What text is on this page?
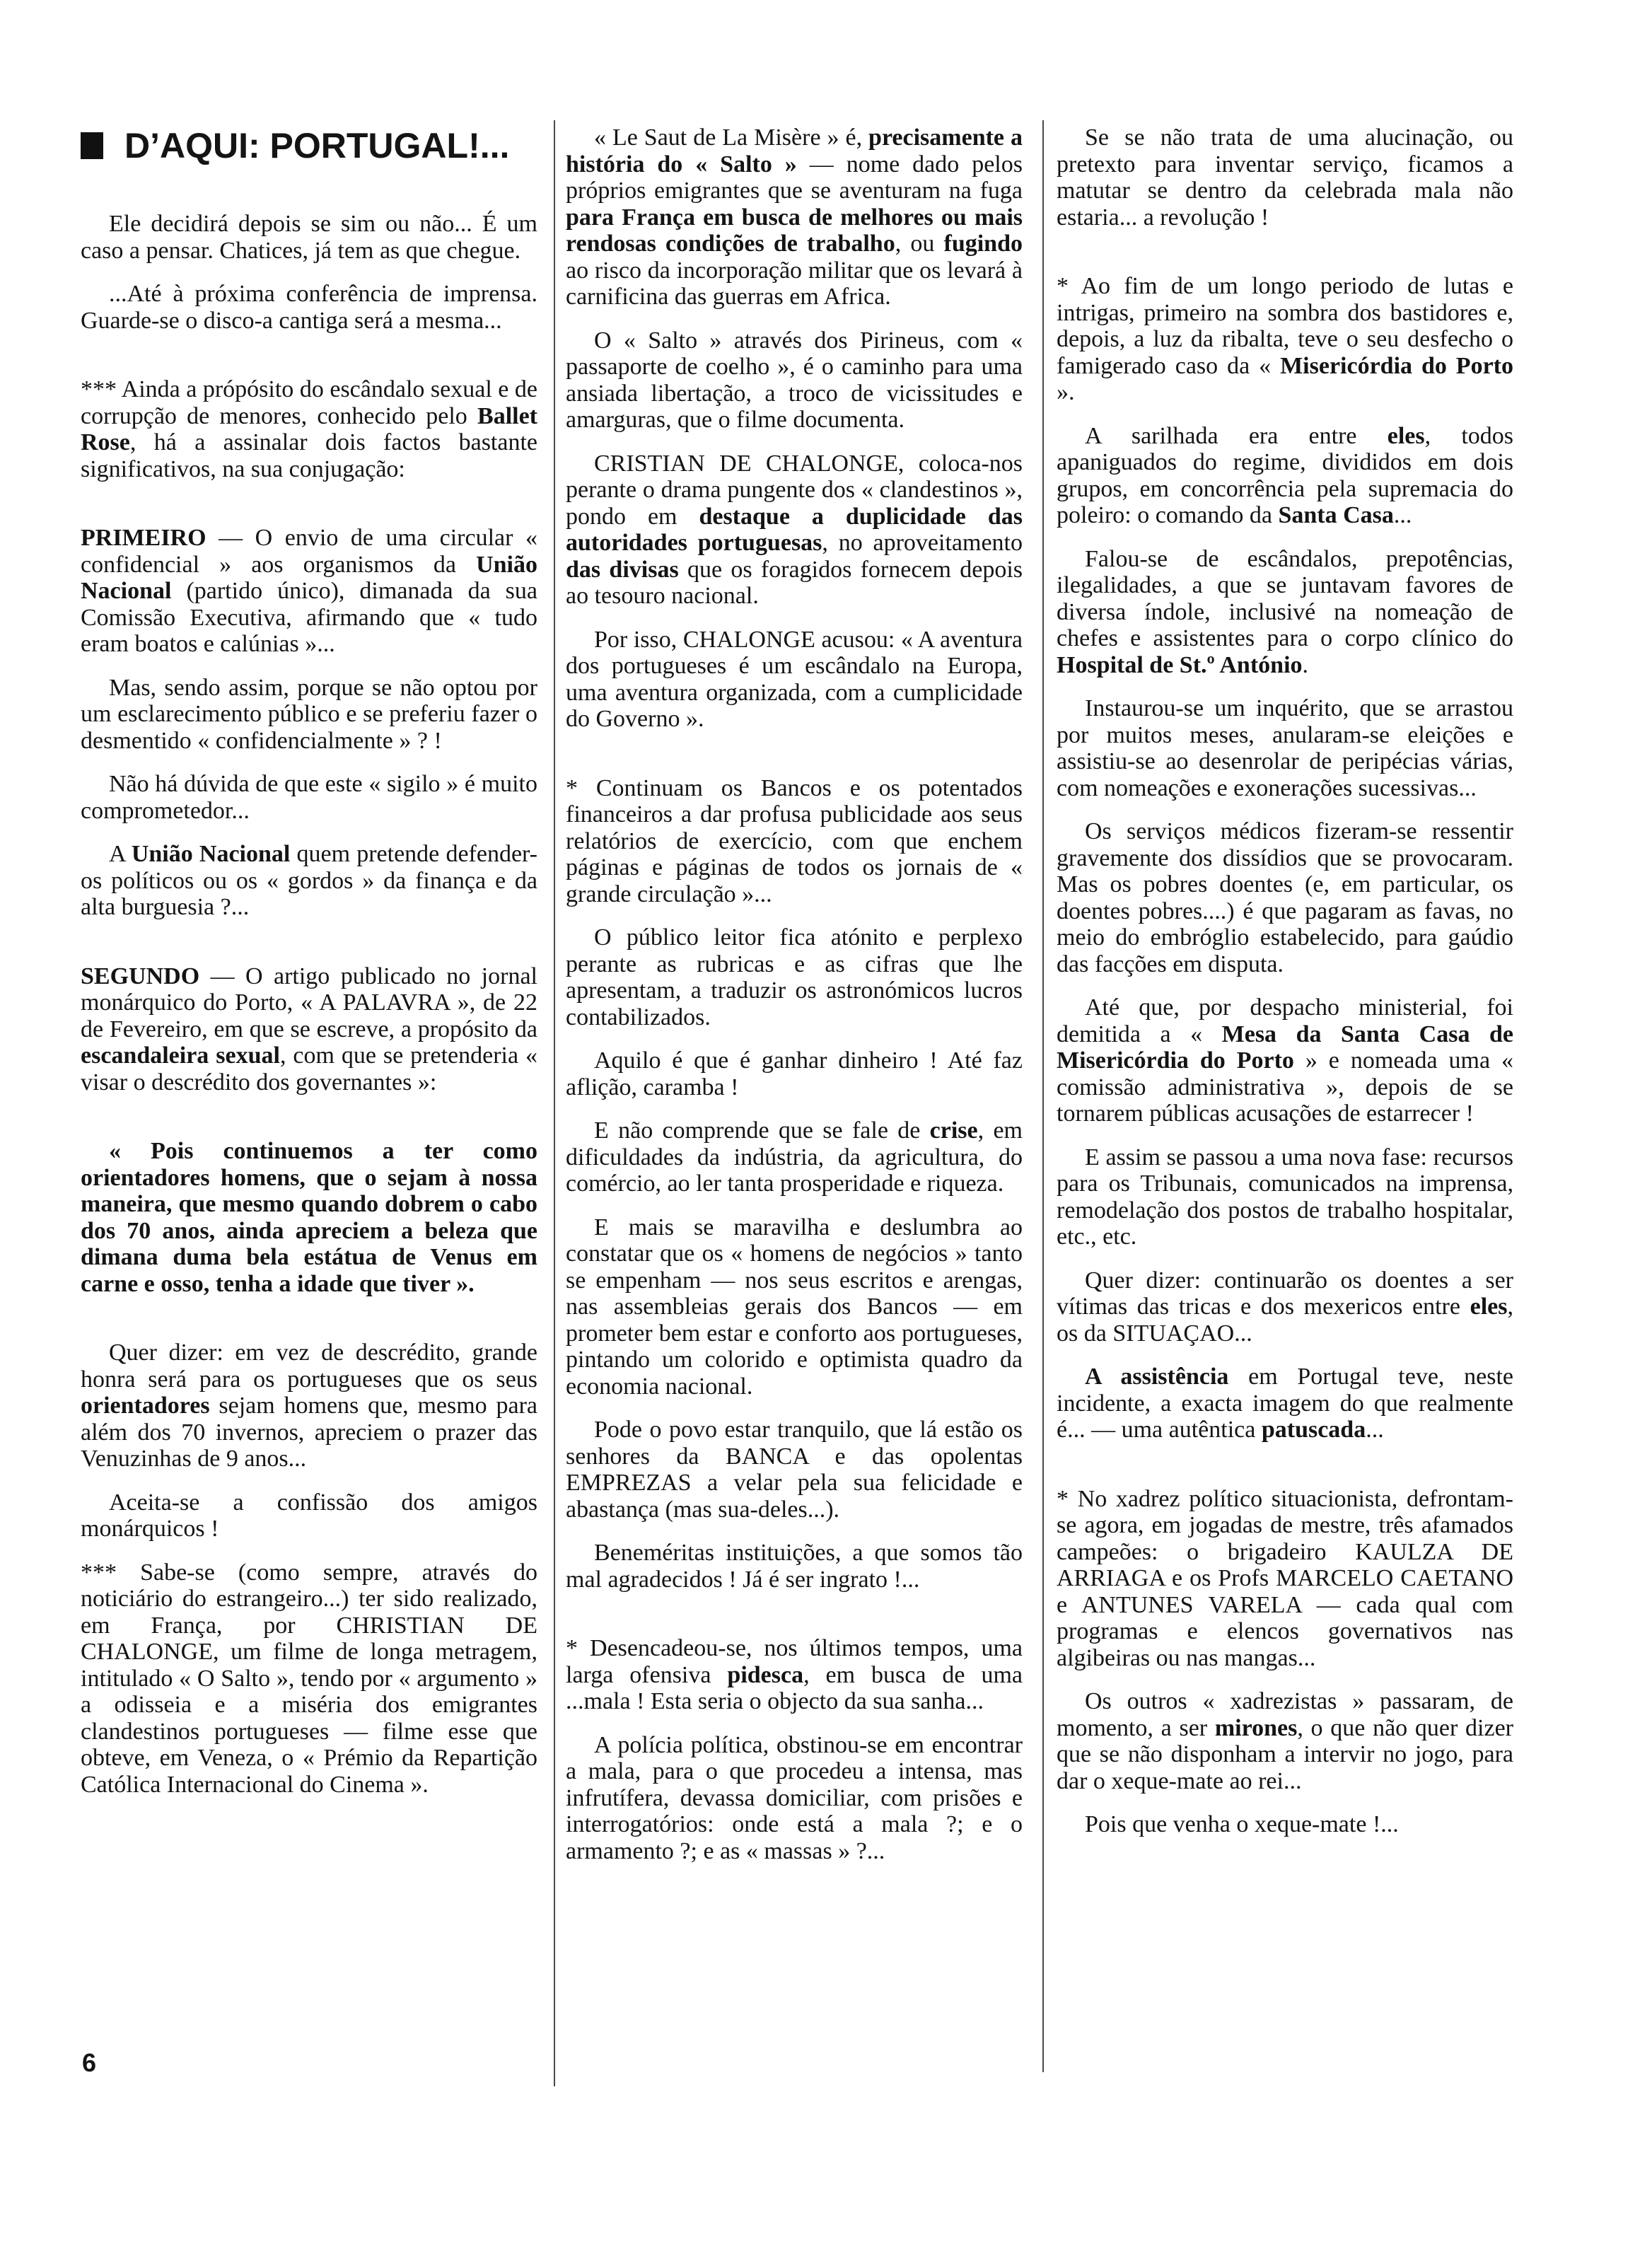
D’AQUI: PORTUGAL!...

Ele decidirá depois se sim ou não... É um caso a pensar. Chatices, já tem as que chegue.

...Até à próxima conferência de imprensa. Guarde-se o disco-a cantiga será a mesma...

*** Ainda a própósito do escândalo sexual e de corrupção de menores, conhecido pelo Ballet Rose, há a assinalar dois factos bastante significativos, na sua conjugação:

PRIMEIRO — O envio de uma circular « confidencial » aos organismos da União Nacional (partido único), dimanada da sua Comissão Executiva, afirmando que « tudo eram boatos e calúnias »...

Mas, sendo assim, porque se não optou por um esclarecimento público e se preferiu fazer o desmentido « confidencialmente » ? !

Não há dúvida de que este « sigilo » é muito comprometedor...

A União Nacional quem pretende defender-os políticos ou os « gordos » da finança e da alta burguesia ?...

SEGUNDO — O artigo publicado no jornal monárquico do Porto, « A PALAVRA », de 22 de Fevereiro, em que se escreve, a propósito da escandaleira sexual, com que se pretenderia « visar o descrédito dos governantes »:

« Pois continuemos a ter como orientadores homens, que o sejam à nossa maneira, que mesmo quando dobrem o cabo dos 70 anos, ainda apreciem a beleza que dimana duma bela estátua de Venus em carne e osso, tenha a idade que tiver ».

Quer dizer: em vez de descrédito, grande honra será para os portugueses que os seus orientadores sejam homens que, mesmo para além dos 70 invernos, apreciem o prazer das Venuzinhas de 9 anos...

Aceita-se a confissão dos amigos monárquicos !

*** Sabe-se (como sempre, através do noticiário do estrangeiro...) ter sido realizado, em França, por CHRISTIAN DE CHALONGE, um filme de longa metragem, intitulado « O Salto », tendo por « argumento » a odisseia e a miséria dos emigrantes clandestinos portugueses — filme esse que obteve, em Veneza, o « Prémio da Repartição Católica Internacional do Cinema ».

« Le Saut de La Misère » é, precisamente a história do « Salto » — nome dado pelos próprios emigrantes que se aventuram na fuga para França em busca de melhores ou mais rendosas condições de trabalho, ou fugindo ao risco da incorporação militar que os levará à carnificina das guerras em Africa.

O « Salto » através dos Pirineus, com « passaporte de coelho », é o caminho para uma ansiada libertação, a troco de vicissitudes e amarguras, que o filme documenta.

CRISTIAN DE CHALONGE, coloca-nos perante o drama pungente dos « clandestinos », pondo em destaque a duplicidade das autoridades portuguesas, no aproveitamento das divisas que os foragidos fornecem depois ao tesouro nacional.

Por isso, CHALONGE acusou: « A aventura dos portugueses é um escândalo na Europa, uma aventura organizada, com a cumplicidade do Governo ».

* Continuam os Bancos e os potentados financeiros a dar profusa publicidade aos seus relatórios de exercício, com que enchem páginas e páginas de todos os jornais de « grande circulação »...

O público leitor fica atónito e perplexo perante as rubricas e as cifras que lhe apresentam, a traduzir os astronómicos lucros contabilizados.

Aquilo é que é ganhar dinheiro ! Até faz aflição, caramba !

E não comprende que se fale de crise, em dificuldades da indústria, da agricultura, do comércio, ao ler tanta prosperidade e riqueza.

E mais se maravilha e deslumbra ao constatar que os « homens de negócios » tanto se empenham — nos seus escritos e arengas, nas assembleias gerais dos Bancos — em prometer bem estar e conforto aos portugueses, pintando um colorido e optimista quadro da economia nacional.

Pode o povo estar tranquilo, que lá estão os senhores da BANCA e das opolentas EMPREZAS a velar pela sua felicidade e abastança (mas sua-deles...).

Beneméritas instituições, a que somos tão mal agradecidos ! Já é ser ingrato !...

* Desencadeou-se, nos últimos tempos, uma larga ofensiva pidesca, em busca de uma ...mala ! Esta seria o objecto da sua sanha...

A polícia política, obstinou-se em encontrar a mala, para o que procedeu a intensa, mas infrutífera, devassa domiciliar, com prisões e interrogatórios: onde está a mala ?; e o armamento ?; e as « massas » ?...

Se se não trata de uma alucinação, ou pretexto para inventar serviço, ficamos a matutar se dentro da celebrada mala não estaria... a revolução !

* Ao fim de um longo periodo de lutas e intrigas, primeiro na sombra dos bastidores e, depois, a luz da ribalta, teve o seu desfecho o famigerado caso da « Misericórdia do Porto ».

A sarilhada era entre eles, todos apaniguados do regime, divididos em dois grupos, em concorrência pela supremacia do poleiro: o comando da Santa Casa...

Falou-se de escândalos, prepotências, ilegalidades, a que se juntavam favores de diversa índole, inclusivé na nomeação de chefes e assistentes para o corpo clínico do Hospital de St.º António.

Instaurou-se um inquérito, que se arrastou por muitos meses, anularam-se eleições e assistiu-se ao desenrolar de peripécias várias, com nomeações e exonerações sucessivas...

Os serviços médicos fizeram-se ressentir gravemente dos dissídios que se provocaram. Mas os pobres doentes (e, em particular, os doentes pobres....) é que pagaram as favas, no meio do embróglio estabelecido, para gaúdio das facções em disputa.

Até que, por despacho ministerial, foi demitida a « Mesa da Santa Casa de Misericórdia do Porto » e nomeada uma « comissão administrativa », depois de se tornarem públicas acusações de estarrecer !

E assim se passou a uma nova fase: recursos para os Tribunais, comunicados na imprensa, remodelação dos postos de trabalho hospitalar, etc., etc.

Quer dizer: continuarão os doentes a ser vítimas das tricas e dos mexericos entre eles, os da SITUAÇAO...

A assistência em Portugal teve, neste incidente, a exacta imagem do que realmente é... — uma autêntica patuscada...

* No xadrez político situacionista, defrontam-se agora, em jogadas de mestre, três afamados campeões: o brigadeiro KAULZA DE ARRIAGA e os Profs MARCELO CAETANO e ANTUNES VARELA — cada qual com programas e elencos governativos nas algibeiras ou nas mangas...

Os outros « xadrezistas » passaram, de momento, a ser mirones, o que não quer dizer que se não disponham a intervir no jogo, para dar o xeque-mate ao rei...

Pois que venha o xeque-mate !...

6
